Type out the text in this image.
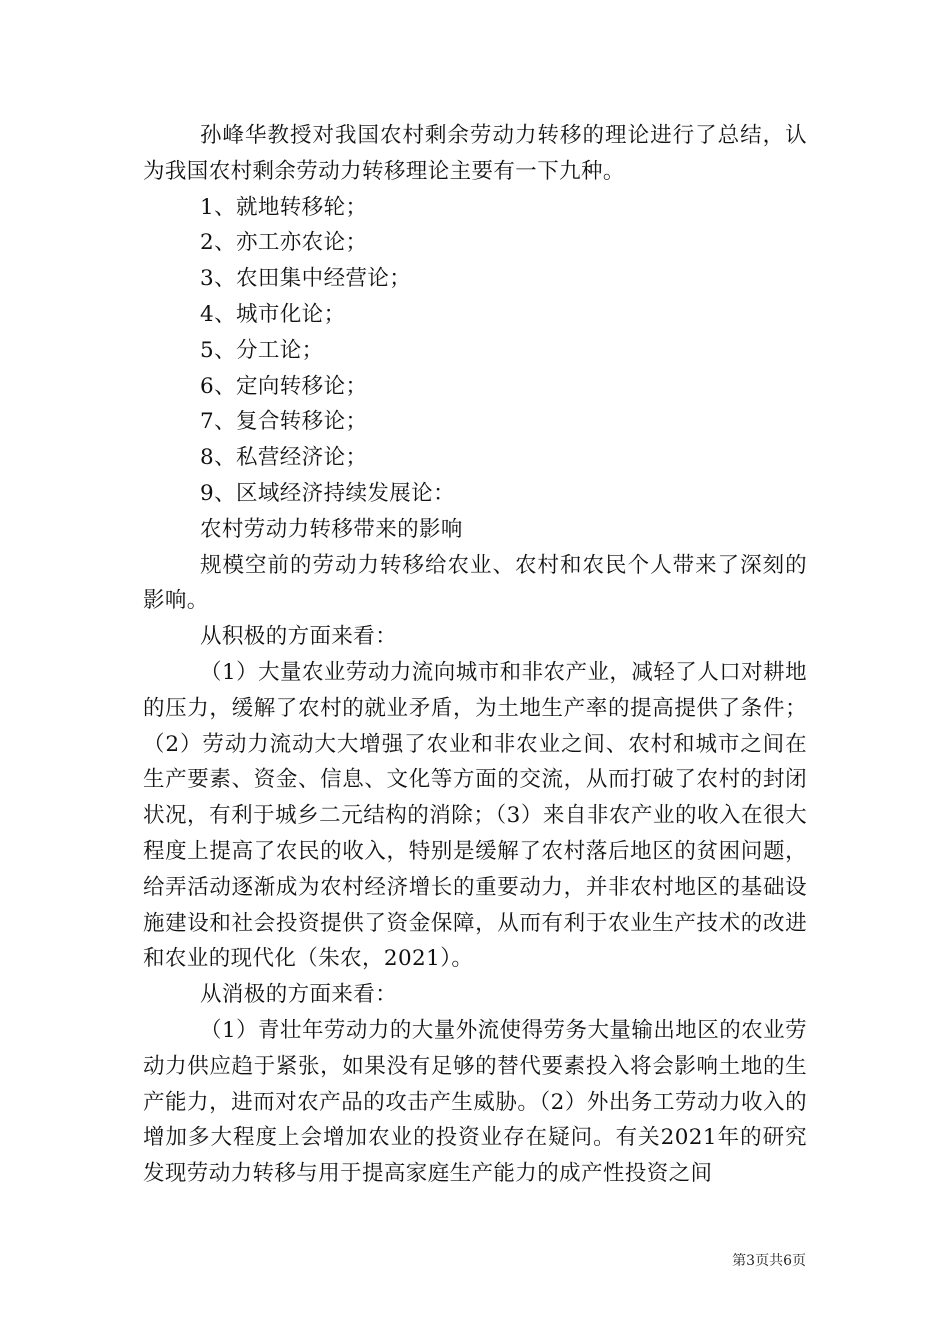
孙峰华教授对我国农村剩余劳动力转移的理论进行了总结，认为我国农村剩余劳动力转移理论主要有一下九种。

1、就地转移轮；

2、亦工亦农论；

3、农田集中经营论；

4、城市化论；

5、分工论；

6、定向转移论；

7、复合转移论；

8、私营经济论；

9、区域经济持续发展论：

农村劳动力转移带来的影响

规模空前的劳动力转移给农业、农村和农民个人带来了深刻的影响。

从积极的方面来看：

（1）大量农业劳动力流向城市和非农产业，减轻了人口对耕地的压力，缓解了农村的就业矛盾，为土地生产率的提高提供了条件；（2）劳动力流动大大增强了农业和非农业之间、农村和城市之间在生产要素、资金、信息、文化等方面的交流，从而打破了农村的封闭状况，有利于城乡二元结构的消除；（3）来自非农产业的收入在很大程度上提高了农民的收入，特别是缓解了农村落后地区的贫困问题，给弄活动逐渐成为农村经济增长的重要动力，并非农村地区的基础设施建设和社会投资提供了资金保障，从而有利于农业生产技术的改进和农业的现代化（朱农，2021）。

从消极的方面来看：

（1）青壮年劳动力的大量外流使得劳务大量输出地区的农业劳动力供应趋于紧张，如果没有足够的替代要素投入将会影响土地的生产能力，进而对农产品的攻击产生威胁。（2）外出务工劳动力收入的增加多大程度上会增加农业的投资业存在疑问。有关2021年的研究发现劳动力转移与用于提高家庭生产能力的成产性投资之间

第3页共6页
